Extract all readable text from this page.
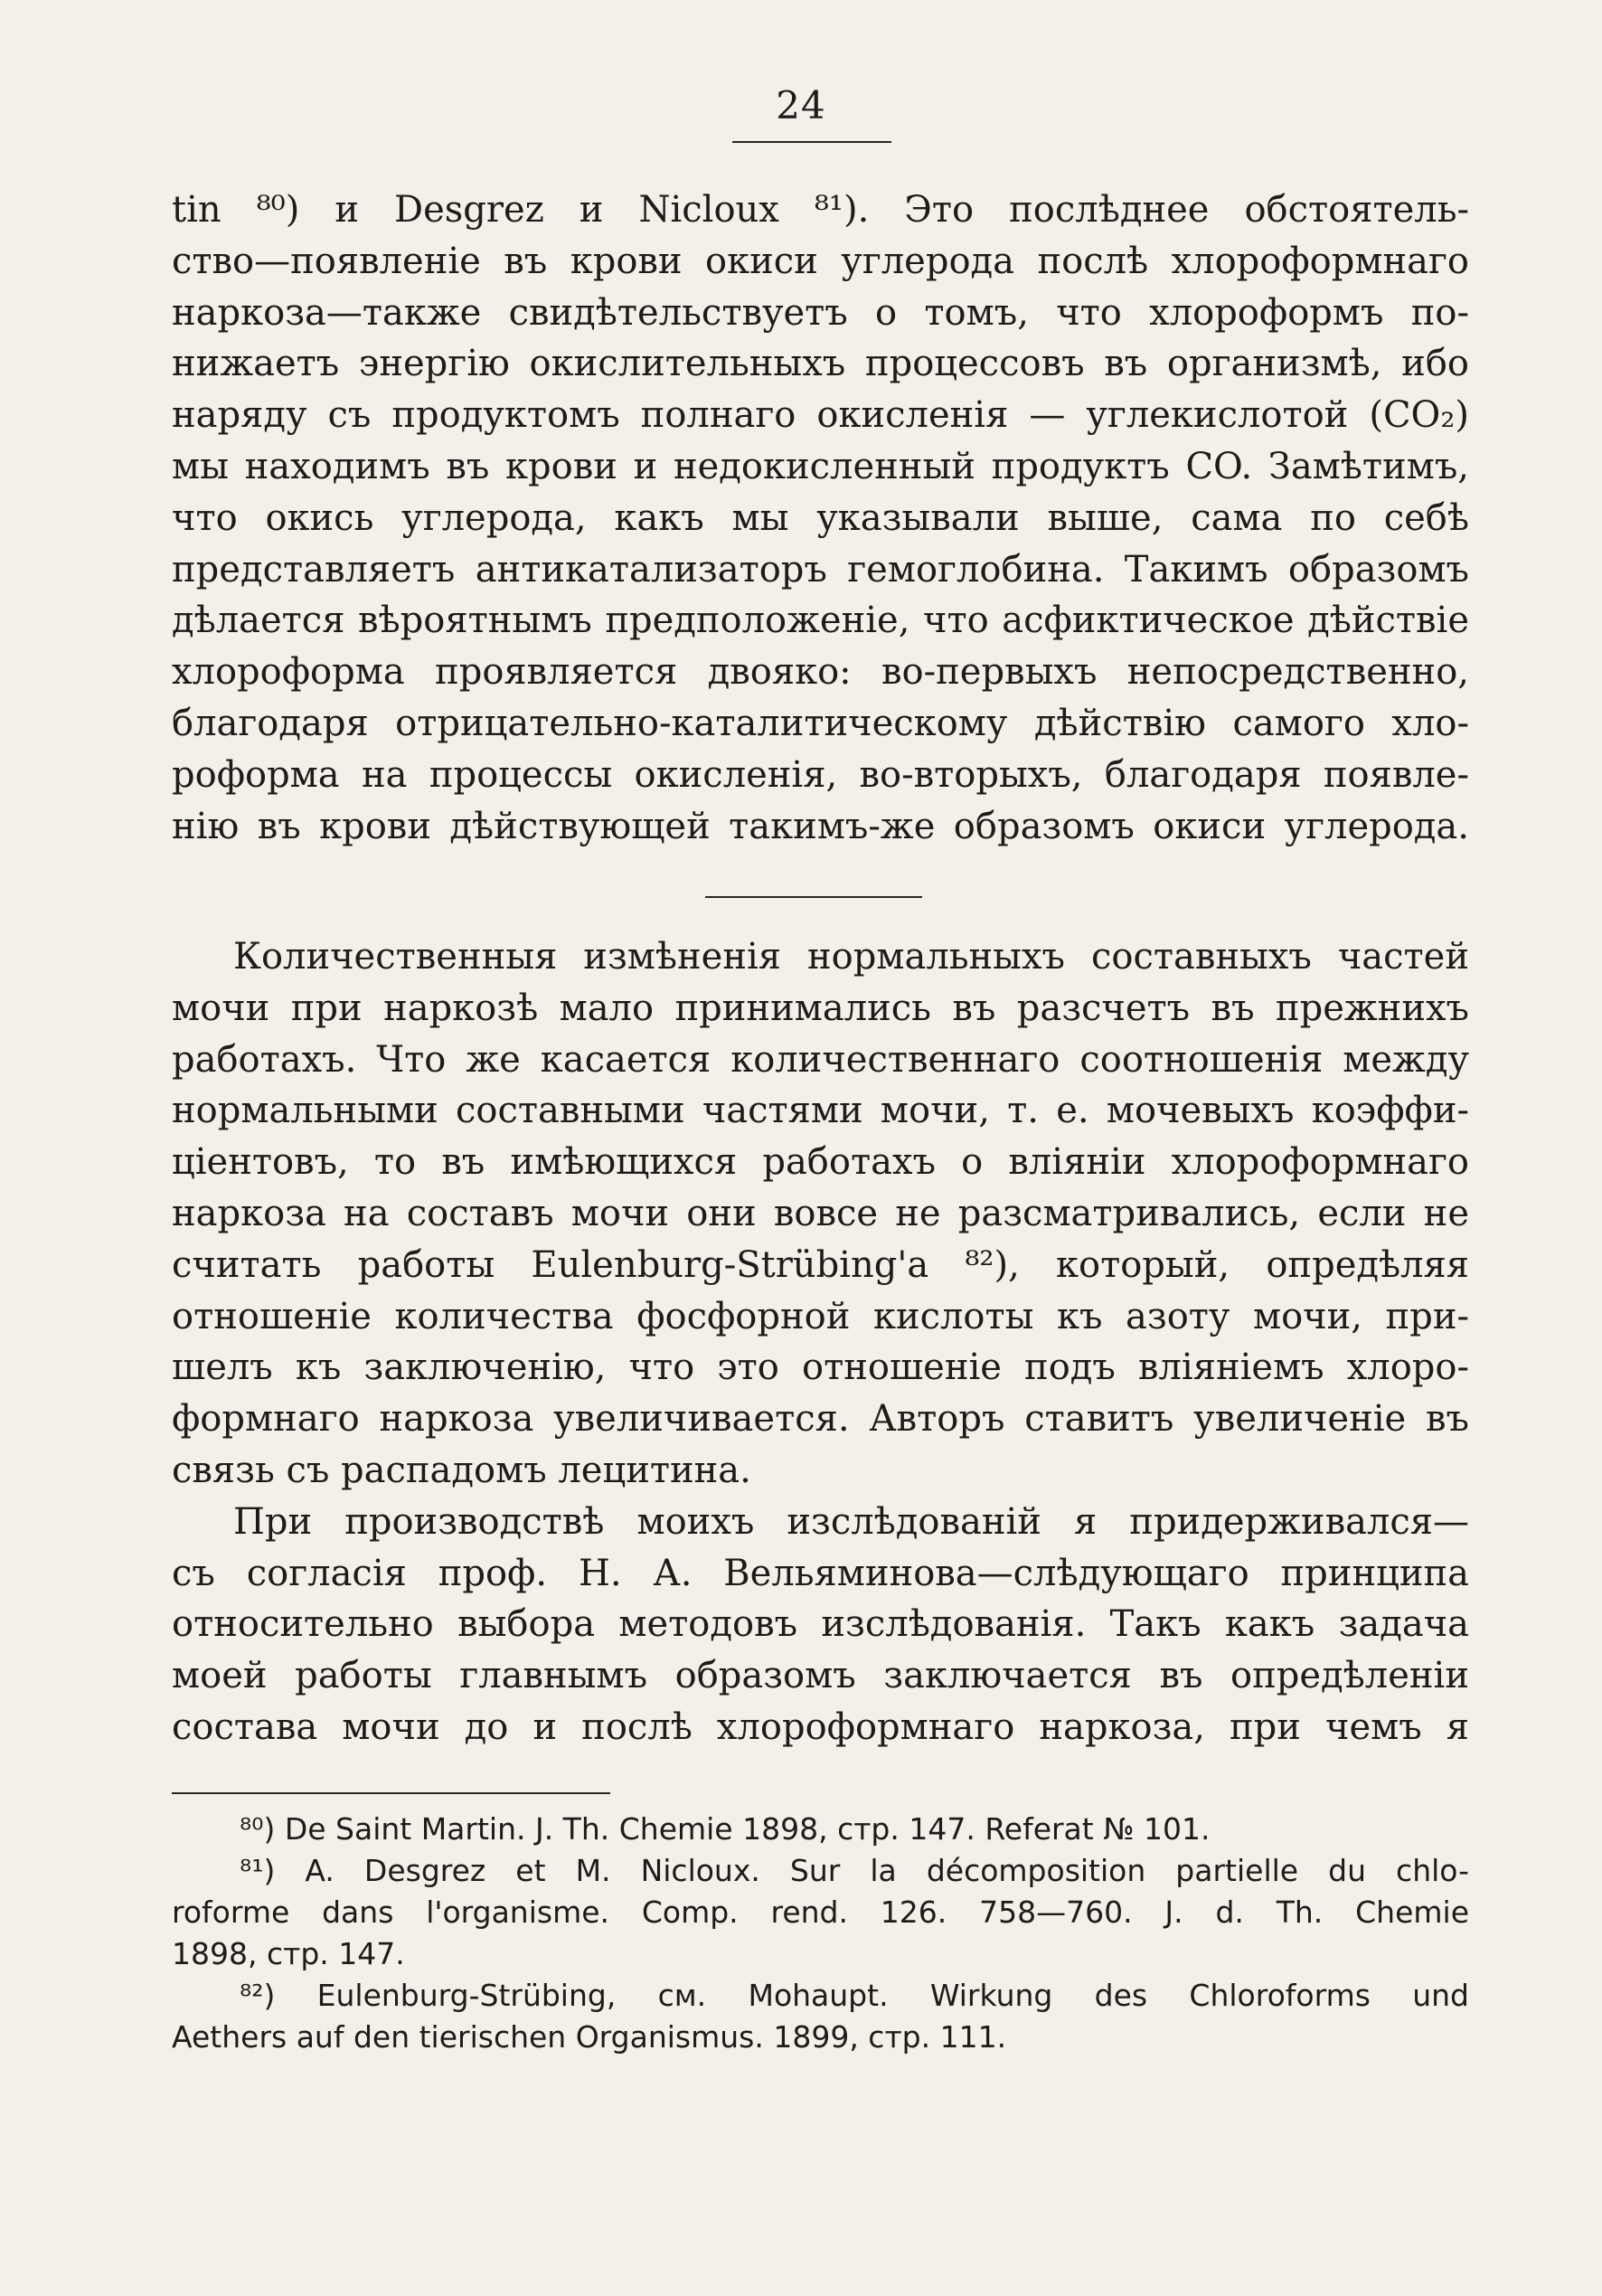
24
tin ⁸⁰) и Desgrez и Nicloux ⁸¹). Это послѣднее обстоятель-
ство—появленіе въ крови окиси углерода послѣ хлороформнаго
наркоза—также свидѣтельствуетъ о томъ, что хлороформъ по-
нижаетъ энергію окислительныхъ процессовъ въ организмѣ, ибо
наряду съ продуктомъ полнаго окисленія — углекислотой (CO₂)
мы находимъ въ крови и недокисленный продуктъ CO. Замѣтимъ,
что окись углерода, какъ мы указывали выше, сама по себѣ
представляетъ антикатализаторъ гемоглобина. Такимъ образомъ
дѣлается вѣроятнымъ предположеніе, что асфиктическое дѣйствіе
хлороформа проявляется двояко: во-первыхъ непосредственно,
благодаря отрицательно-каталитическому дѣйствію самого хло-
роформа на процессы окисленія, во-вторыхъ, благодаря появле-
нію въ крови дѣйствующей такимъ-же образомъ окиси углерода.
Количественныя измѣненія нормальныхъ составныхъ частей
мочи при наркозѣ мало принимались въ разсчетъ въ прежнихъ
работахъ. Что же касается количественнаго соотношенія между
нормальными составными частями мочи, т. е. мочевыхъ коэффи-
ціентовъ, то въ имѣющихся работахъ о вліяніи хлороформнаго
наркоза на составъ мочи они вовсе не разсматривались, если не
считать работы Eulenburg-Strübing'a ⁸²), который, опредѣляя
отношеніе количества фосфорной кислоты къ азоту мочи, при-
шелъ къ заключенію, что это отношеніе подъ вліяніемъ хлоро-
формнаго наркоза увеличивается. Авторъ ставитъ увеличеніе въ
связь съ распадомъ лецитина.
При производствѣ моихъ изслѣдованій я придерживался—
съ согласія проф. Н. А. Вельяминова—слѣдующаго принципа
относительно выбора методовъ изслѣдованія. Такъ какъ задача
моей работы главнымъ образомъ заключается въ опредѣленіи
состава мочи до и послѣ хлороформнаго наркоза, при чемъ я
⁸⁰) De Saint Martin. J. Th. Chemie 1898, стр. 147. Referat № 101.
⁸¹) A. Desgrez et M. Nicloux. Sur la décomposition partielle du chlo-
roforme dans l'organisme. Comp. rend. 126. 758—760. J. d. Th. Chemie
1898, стр. 147.
⁸²) Eulenburg-Strübing, см. Mohaupt. Wirkung des Chloroforms und
Aethers auf den tierischen Organismus. 1899, стр. 111.
